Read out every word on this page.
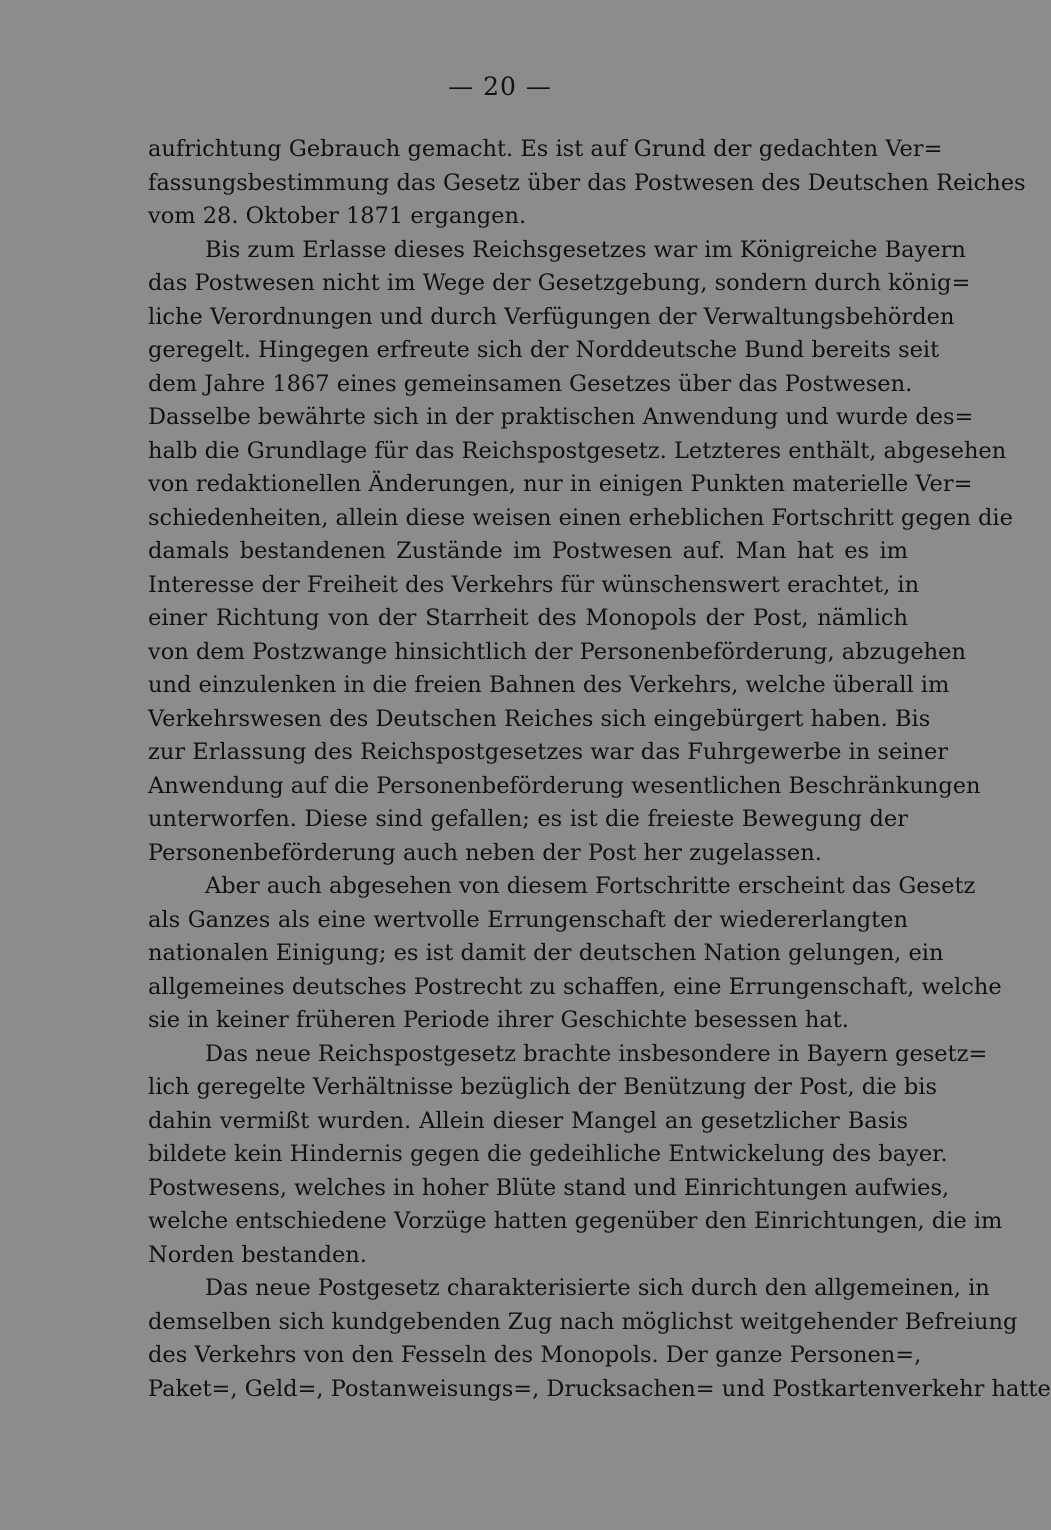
— 20 —
aufrichtung Gebrauch gemacht. Es ist auf Grund der gedachten Ver=
fassungsbestimmung das Gesetz über das Postwesen des Deutschen Reiches
vom 28. Oktober 1871 ergangen.
Bis zum Erlasse dieses Reichsgesetzes war im Königreiche Bayern
das Postwesen nicht im Wege der Gesetzgebung, sondern durch könig=
liche Verordnungen und durch Verfügungen der Verwaltungsbehörden
geregelt. Hingegen erfreute sich der Norddeutsche Bund bereits seit
dem Jahre 1867 eines gemeinsamen Gesetzes über das Postwesen.
Dasselbe bewährte sich in der praktischen Anwendung und wurde des=
halb die Grundlage für das Reichspostgesetz. Letzteres enthält, abgesehen
von redaktionellen Änderungen, nur in einigen Punkten materielle Ver=
schiedenheiten, allein diese weisen einen erheblichen Fortschritt gegen die
damals bestandenen Zustände im Postwesen auf. Man hat es im
Interesse der Freiheit des Verkehrs für wünschenswert erachtet, in
einer Richtung von der Starrheit des Monopols der Post, nämlich
von dem Postzwange hinsichtlich der Personenbeförderung, abzugehen
und einzulenken in die freien Bahnen des Verkehrs, welche überall im
Verkehrswesen des Deutschen Reiches sich eingebürgert haben. Bis
zur Erlassung des Reichspostgesetzes war das Fuhrgewerbe in seiner
Anwendung auf die Personenbeförderung wesentlichen Beschränkungen
unterworfen. Diese sind gefallen; es ist die freieste Bewegung der
Personenbeförderung auch neben der Post her zugelassen.
Aber auch abgesehen von diesem Fortschritte erscheint das Gesetz
als Ganzes als eine wertvolle Errungenschaft der wiedererlangten
nationalen Einigung; es ist damit der deutschen Nation gelungen, ein
allgemeines deutsches Postrecht zu schaffen, eine Errungenschaft, welche
sie in keiner früheren Periode ihrer Geschichte besessen hat.
Das neue Reichspostgesetz brachte insbesondere in Bayern gesetz=
lich geregelte Verhältnisse bezüglich der Benützung der Post, die bis
dahin vermißt wurden. Allein dieser Mangel an gesetzlicher Basis
bildete kein Hindernis gegen die gedeihliche Entwickelung des bayer.
Postwesens, welches in hoher Blüte stand und Einrichtungen aufwies,
welche entschiedene Vorzüge hatten gegenüber den Einrichtungen, die im
Norden bestanden.
Das neue Postgesetz charakterisierte sich durch den allgemeinen, in
demselben sich kundgebenden Zug nach möglichst weitgehender Befreiung
des Verkehrs von den Fesseln des Monopols. Der ganze Personen=,
Paket=, Geld=, Postanweisungs=, Drucksachen= und Postkartenverkehr hatte
